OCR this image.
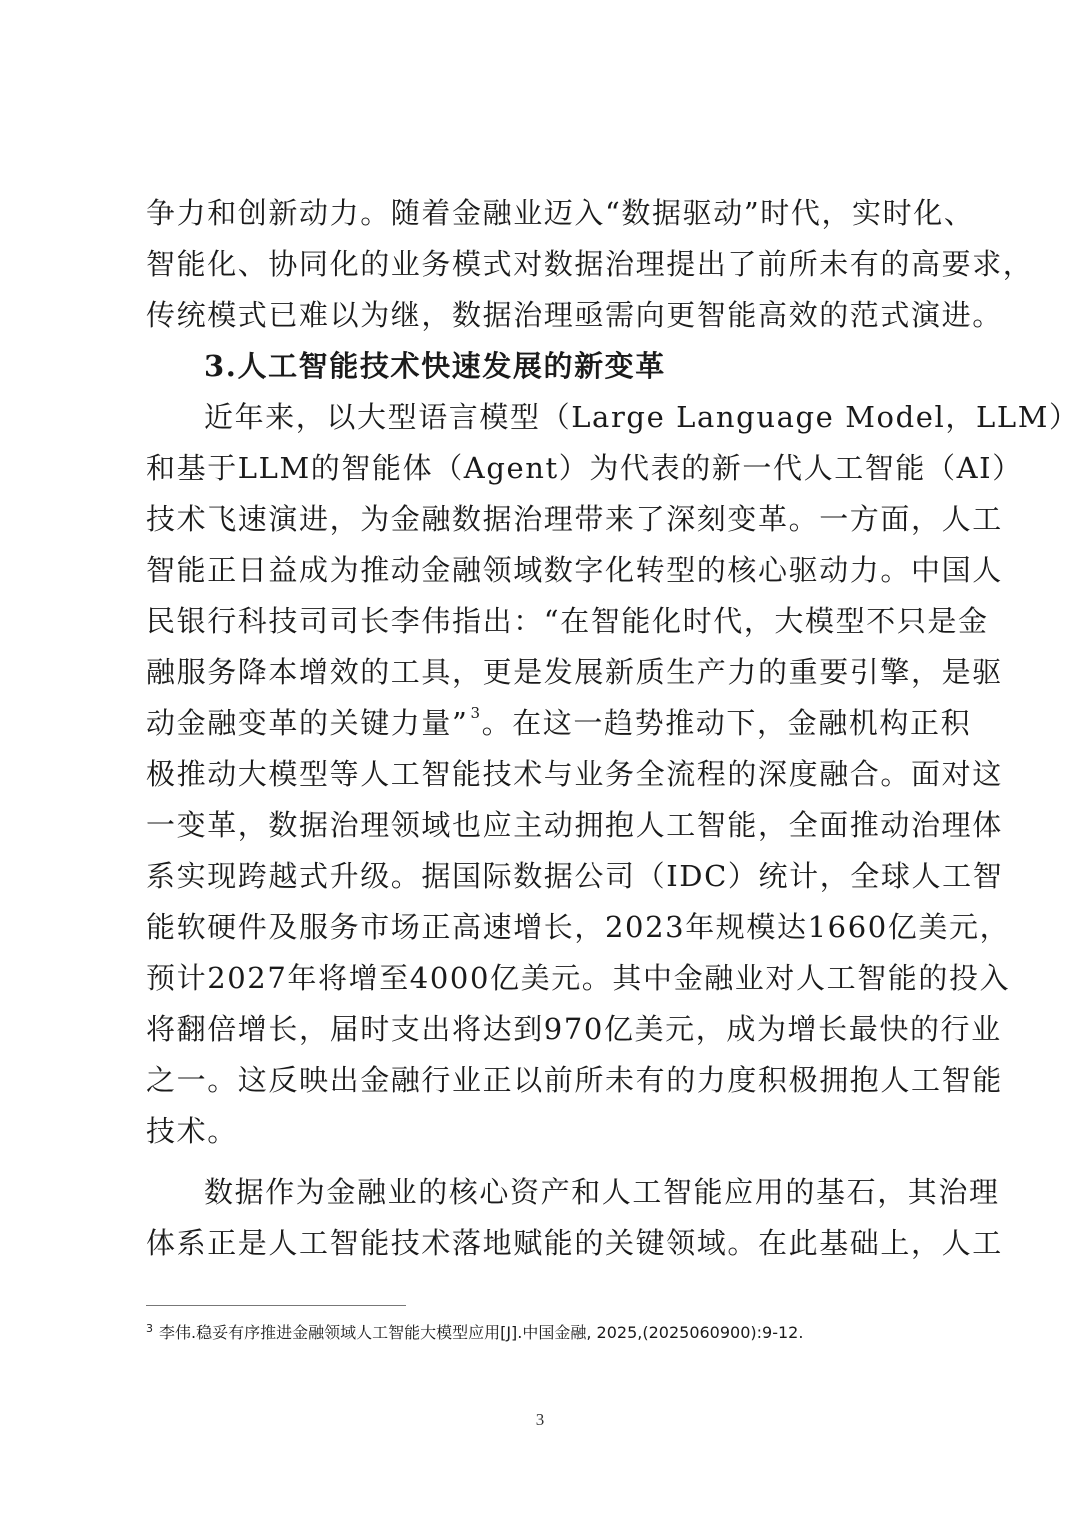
争力和创新动力。随着金融业迈入“数据驱动”时代，实时化、
智能化、协同化的业务模式对数据治理提出了前所未有的高要求，
传统模式已难以为继，数据治理亟需向更智能高效的范式演进。

3.人工智能技术快速发展的新变革

近年来，以大型语言模型（Large Language Model，LLM）
和基于LLM的智能体（Agent）为代表的新一代人工智能（AI）
技术飞速演进，为金融数据治理带来了深刻变革。一方面，人工
智能正日益成为推动金融领域数字化转型的核心驱动力。中国人
民银行科技司司长李伟指出：“在智能化时代，大模型不只是金
融服务降本增效的工具，更是发展新质生产力的重要引擎，是驱
动金融变革的关键力量” $^3$。在这一趋势推动下，金融机构正积
极推动大模型等人工智能技术与业务全流程的深度融合。面对这
一变革，数据治理领域也应主动拥抱人工智能，全面推动治理体
系实现跨越式升级。据国际数据公司（IDC）统计，全球人工智
能软硬件及服务市场正高速增长，2023年规模达1660亿美元，
预计2027年将增至4000亿美元。其中金融业对人工智能的投入
将翻倍增长，届时支出将达到970亿美元，成为增长最快的行业
之一。这反映出金融行业正以前所未有的力度积极拥抱人工智能
技术。

数据作为金融业的核心资产和人工智能应用的基石，其治理
体系正是人工智能技术落地赋能的关键领域。在此基础上，人工

$^3$ 李伟.稳妥有序推进金融领域人工智能大模型应用[J].中国金融, 2025,(2025060900):9-12.
3
